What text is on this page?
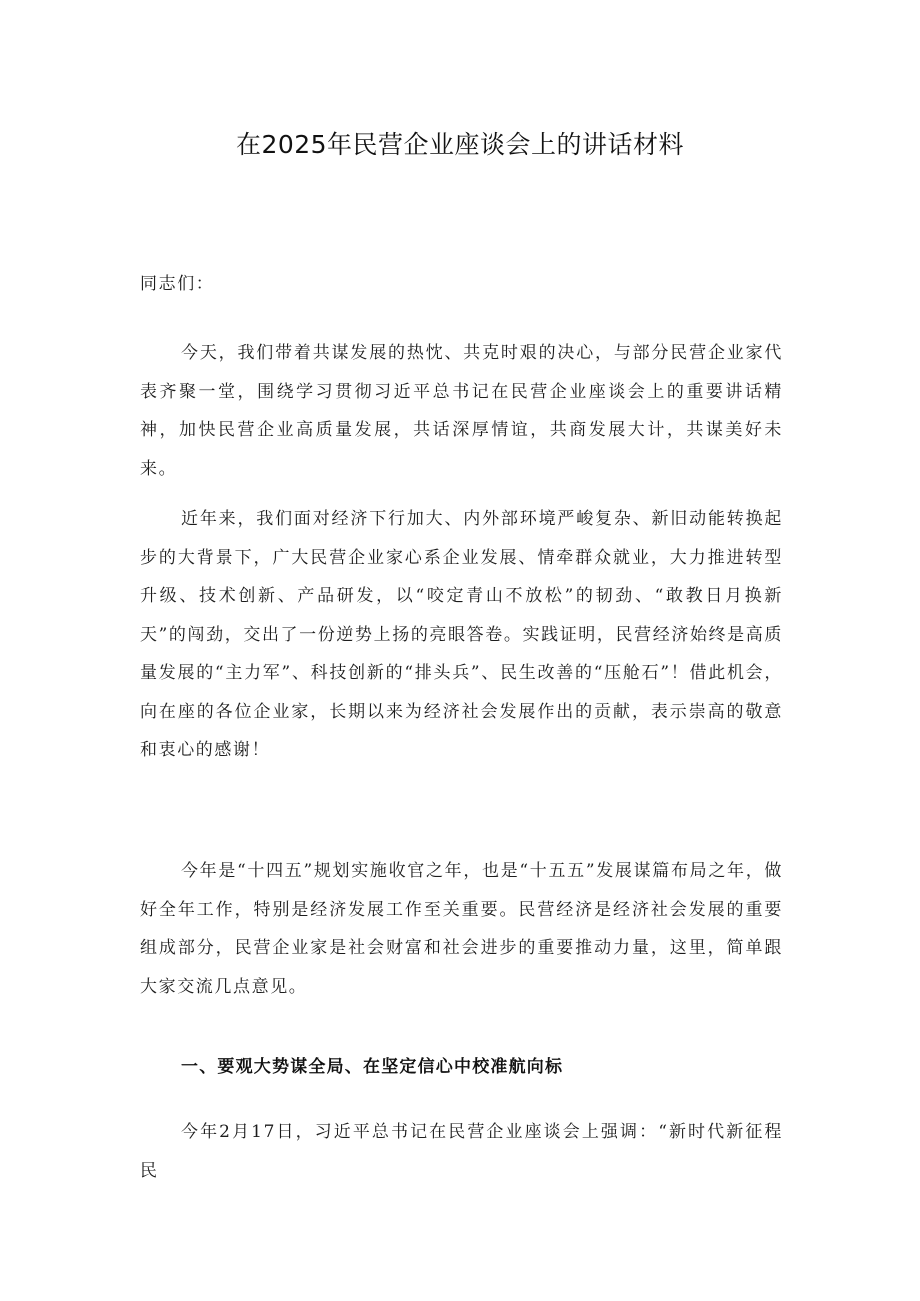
在2025年民营企业座谈会上的讲话材料

同志们：

今天，我们带着共谋发展的热忱、共克时艰的决心，与部分民营企业家代表齐聚一堂，围绕学习贯彻习近平总书记在民营企业座谈会上的重要讲话精神，加快民营企业高质量发展，共话深厚情谊，共商发展大计，共谋美好未来。

近年来，我们面对经济下行加大、内外部环境严峻复杂、新旧动能转换起步的大背景下，广大民营企业家心系企业发展、情牵群众就业，大力推进转型升级、技术创新、产品研发，以“咬定青山不放松”的韧劲、“敢教日月换新天”的闯劲，交出了一份逆势上扬的亮眼答卷。实践证明，民营经济始终是高质量发展的“主力军”、科技创新的“排头兵”、民生改善的“压舱石”！借此机会，向在座的各位企业家，长期以来为经济社会发展作出的贡献，表示崇高的敬意和衷心的感谢！

今年是“十四五”规划实施收官之年，也是“十五五”发展谋篇布局之年，做好全年工作，特别是经济发展工作至关重要。民营经济是经济社会发展的重要组成部分，民营企业家是社会财富和社会进步的重要推动力量，这里，简单跟大家交流几点意见。

一、要观大势谋全局、在坚定信心中校准航向标

今年2月17日，习近平总书记在民营企业座谈会上强调：“新时代新征程民
